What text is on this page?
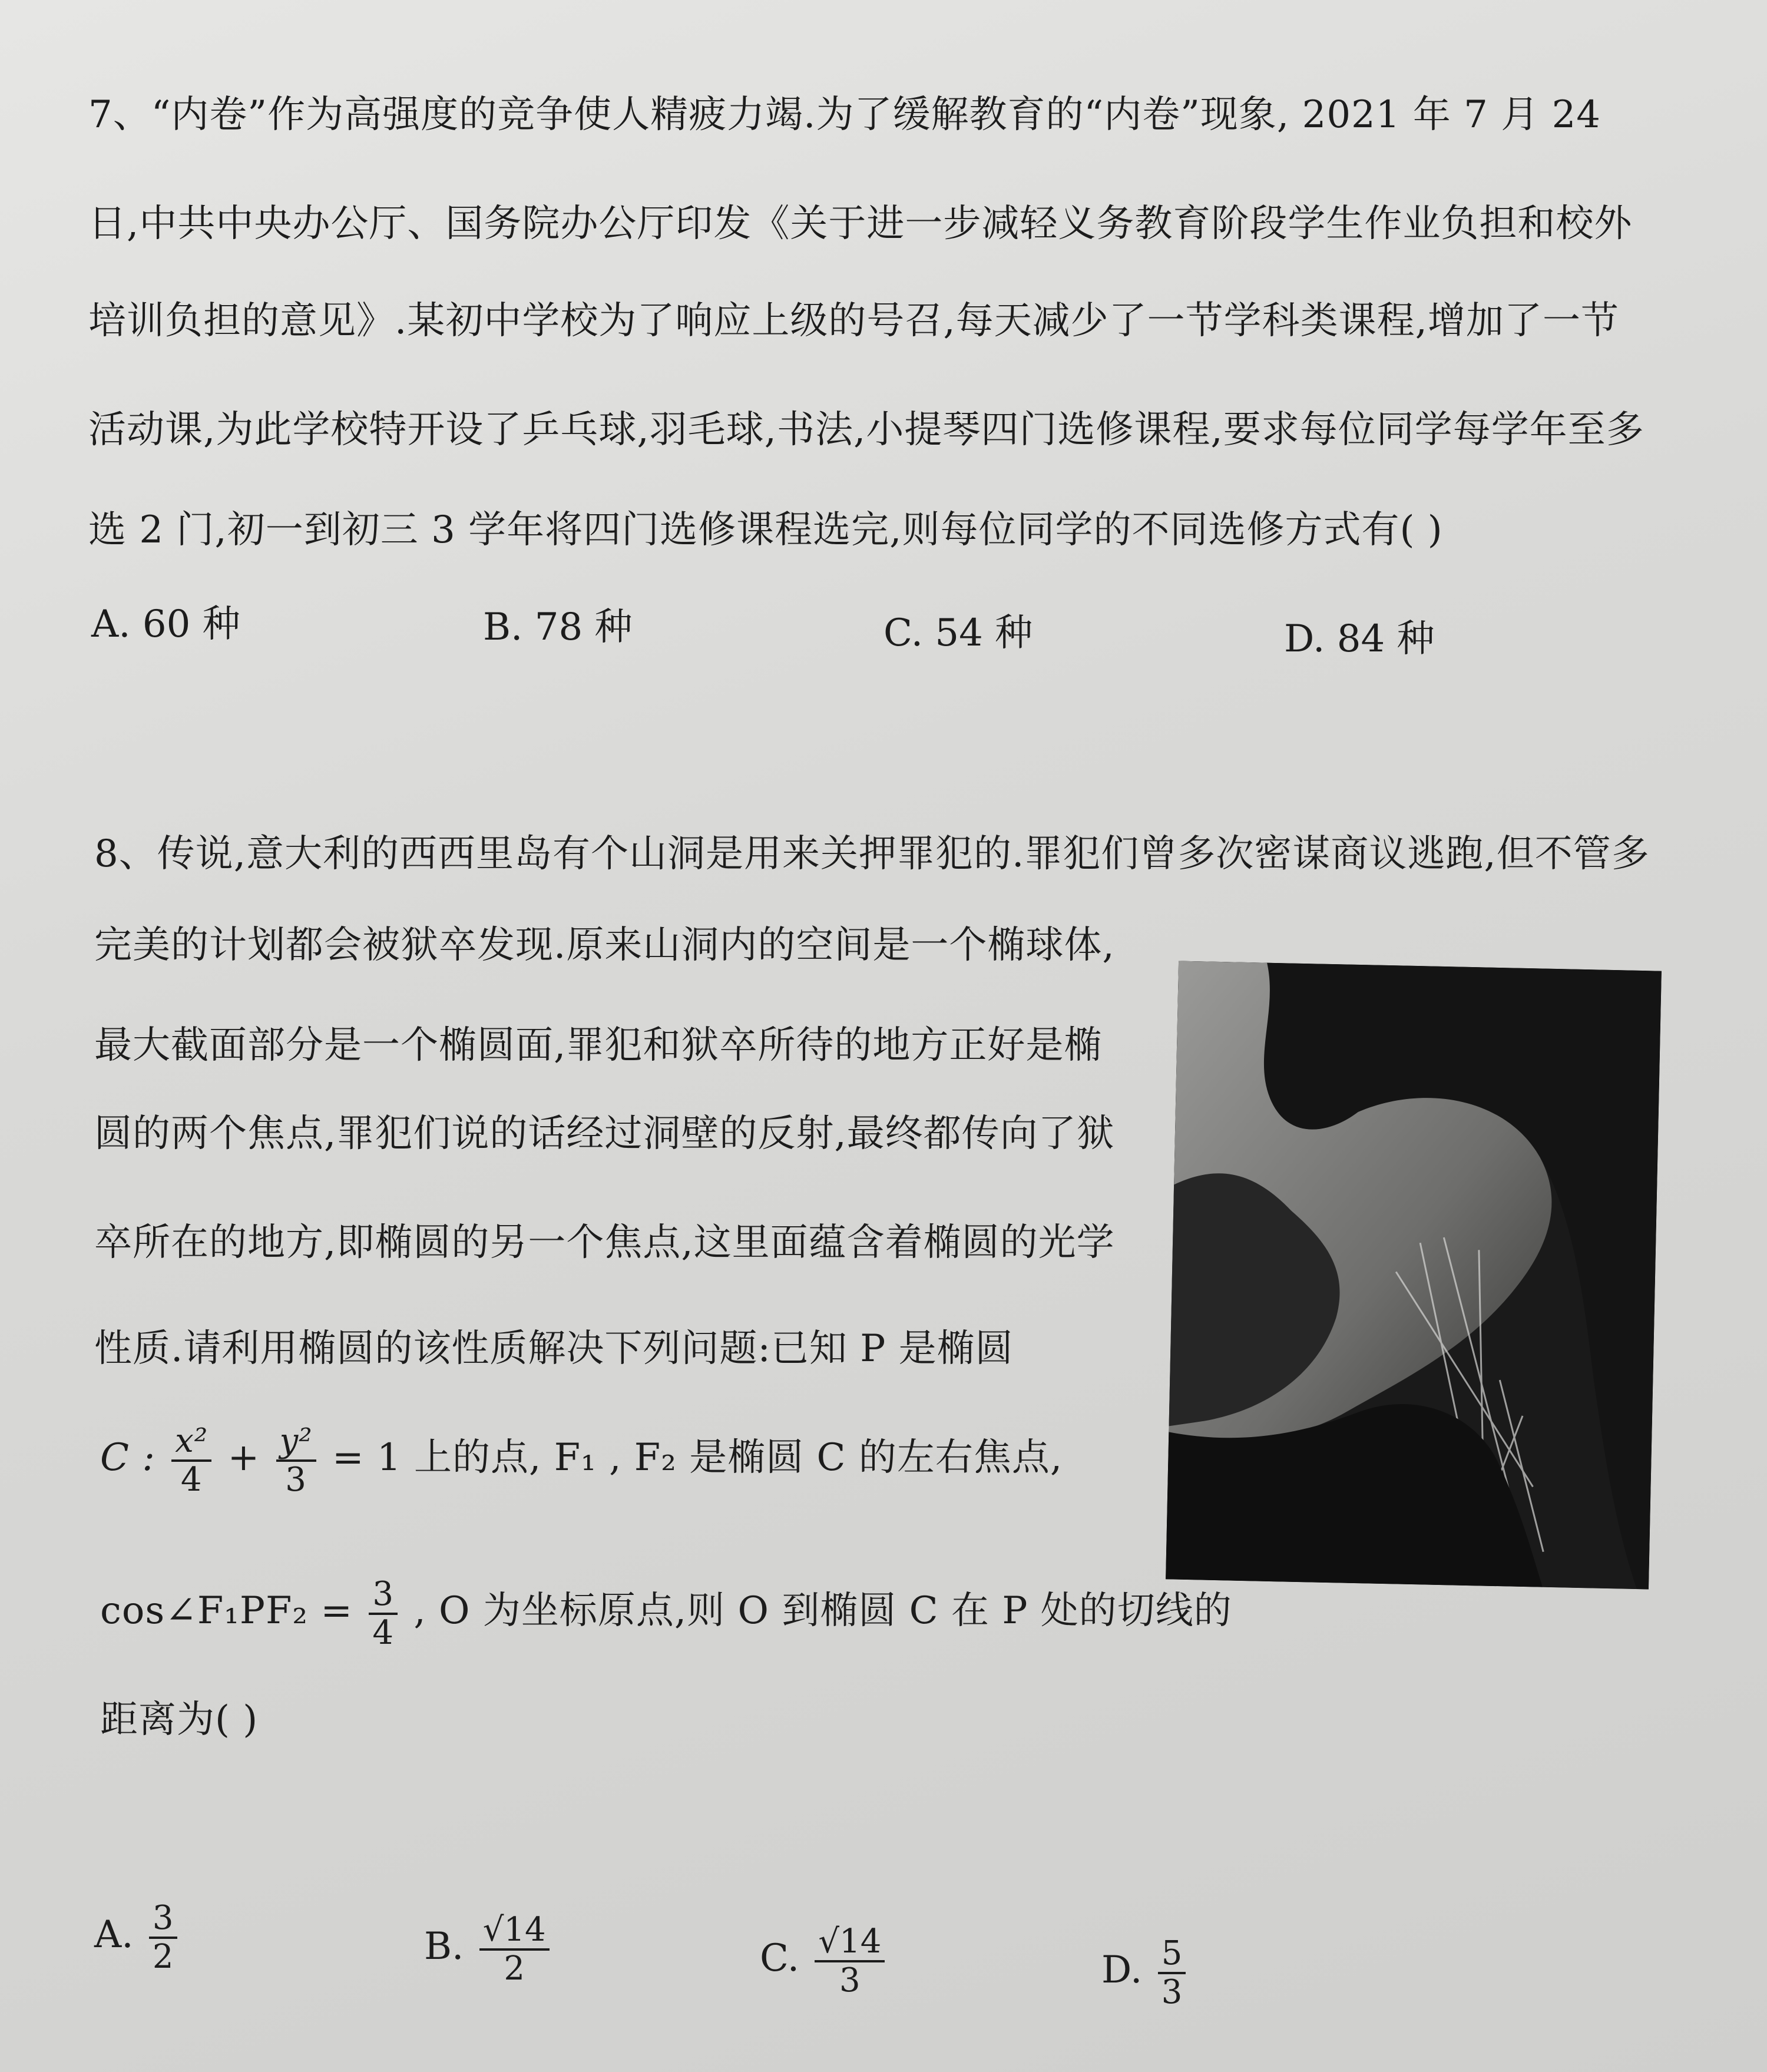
7、“内卷”作为高强度的竞争使人精疲力竭.为了缓解教育的“内卷”现象, 2021 年 7 月 24
日,中共中央办公厅、国务院办公厅印发《关于进一步减轻义务教育阶段学生作业负担和校外
培训负担的意见》.某初中学校为了响应上级的号召,每天减少了一节学科类课程,增加了一节
活动课,为此学校特开设了乒乓球,羽毛球,书法,小提琴四门选修课程,要求每位同学每学年至多
选 2 门,初一到初三 3 学年将四门选修课程选完,则每位同学的不同选修方式有( )
A. 60 种	B. 78 种	C. 54 种	D. 84 种
8、传说,意大利的西西里岛有个山洞是用来关押罪犯的.罪犯们曾多次密谋商议逃跑,但不管多
完美的计划都会被狱卒发现.原来山洞内的空间是一个椭球体,
最大截面部分是一个椭圆面,罪犯和狱卒所待的地方正好是椭
圆的两个焦点,罪犯们说的话经过洞壁的反射,最终都传向了狱
卒所在的地方,即椭圆的另一个焦点,这里面蕴含着椭圆的光学
性质.请利用椭圆的该性质解决下列问题:已知 P 是椭圆
C : $\frac{\text{x²}}{4} + \frac{\text{y²}}{3} = 1$ 上的点, F₁ , F₂ 是椭圆 C 的左右焦点,
cos∠F₁PF₂ = $\frac{3}{4}$ , O 为坐标原点,则 O 到椭圆 C 在 P 处的切线的
距离为( )
A. $\frac{3}{2}$	B. $\frac{√14}{2}$	C. $\frac{√14}{3}$	D. $\frac{5}{3}$
